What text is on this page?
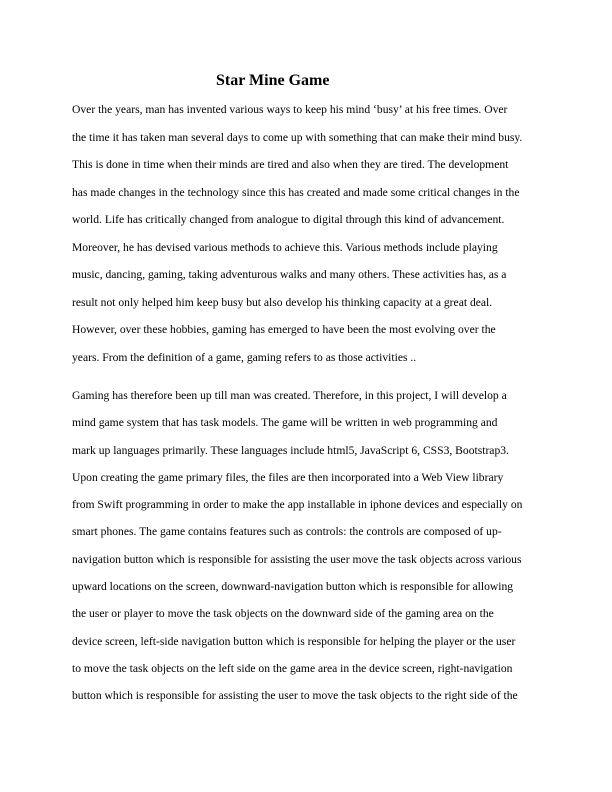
Star Mine Game

Over the years, man has invented various ways to keep his mind ‘busy’ at his free times. Over
the time it has taken man several days to come up with something that can make their mind busy.
This is done in time when their minds are tired and also when they are tired. The development
has made changes in the technology since this has created and made some critical changes in the
world. Life has critically changed from analogue to digital through this kind of advancement.
Moreover, he has devised various methods to achieve this. Various methods include playing
music, dancing, gaming, taking adventurous walks and many others. These activities has, as a
result not only helped him keep busy but also develop his thinking capacity at a great deal.
However, over these hobbies, gaming has emerged to have been the most evolving over the
years. From the definition of a game, gaming refers to as those activities ..

Gaming has therefore been up till man was created. Therefore, in this project, I will develop a
mind game system that has task models. The game will be written in web programming and
mark up languages primarily. These languages include html5, JavaScript 6, CSS3, Bootstrap3.
Upon creating the game primary files, the files are then incorporated into a Web View library
from Swift programming in order to make the app installable in iphone devices and especially on
smart phones. The game contains features such as controls: the controls are composed of up-
navigation button which is responsible for assisting the user move the task objects across various
upward locations on the screen, downward-navigation button which is responsible for allowing
the user or player to move the task objects on the downward side of the gaming area on the
device screen, left-side navigation button which is responsible for helping the player or the user
to move the task objects on the left side on the game area in the device screen, right-navigation
button which is responsible for assisting the user to move the task objects to the right side of the
